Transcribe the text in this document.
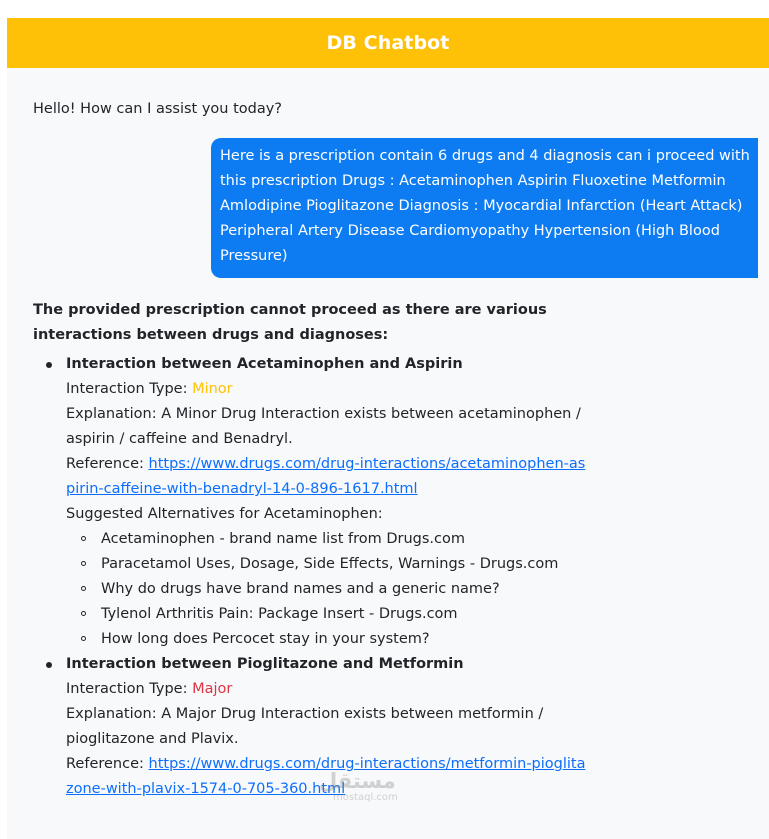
DB Chatbot
Hello! How can I assist you today?
Here is a prescription contain 6 drugs and 4 diagnosis can i proceed with this prescription Drugs : Acetaminophen Aspirin Fluoxetine Metformin Amlodipine Pioglitazone Diagnosis : Myocardial Infarction (Heart Attack) Peripheral Artery Disease Cardiomyopathy Hypertension (High Blood Pressure)

The provided prescription cannot proceed as there are various interactions between drugs and diagnoses:

Interaction between Acetaminophen and Aspirin
Interaction Type: Minor
Explanation: A Minor Drug Interaction exists between acetaminophen / aspirin / caffeine and Benadryl.
Reference: https://www.drugs.com/drug-interactions/acetaminophen-aspirin-caffeine-with-benadryl-14-0-896-1617.html
Suggested Alternatives for Acetaminophen:
Acetaminophen - brand name list from Drugs.com
Paracetamol Uses, Dosage, Side Effects, Warnings - Drugs.com
Why do drugs have brand names and a generic name?
Tylenol Arthritis Pain: Package Insert - Drugs.com
How long does Percocet stay in your system?
Interaction between Pioglitazone and Metformin
Interaction Type: Major
Explanation: A Major Drug Interaction exists between metformin / pioglitazone and Plavix.
Reference: https://www.drugs.com/drug-interactions/metformin-pioglitazone-with-plavix-1574-0-705-360.html
مستقل
mostaql.com
